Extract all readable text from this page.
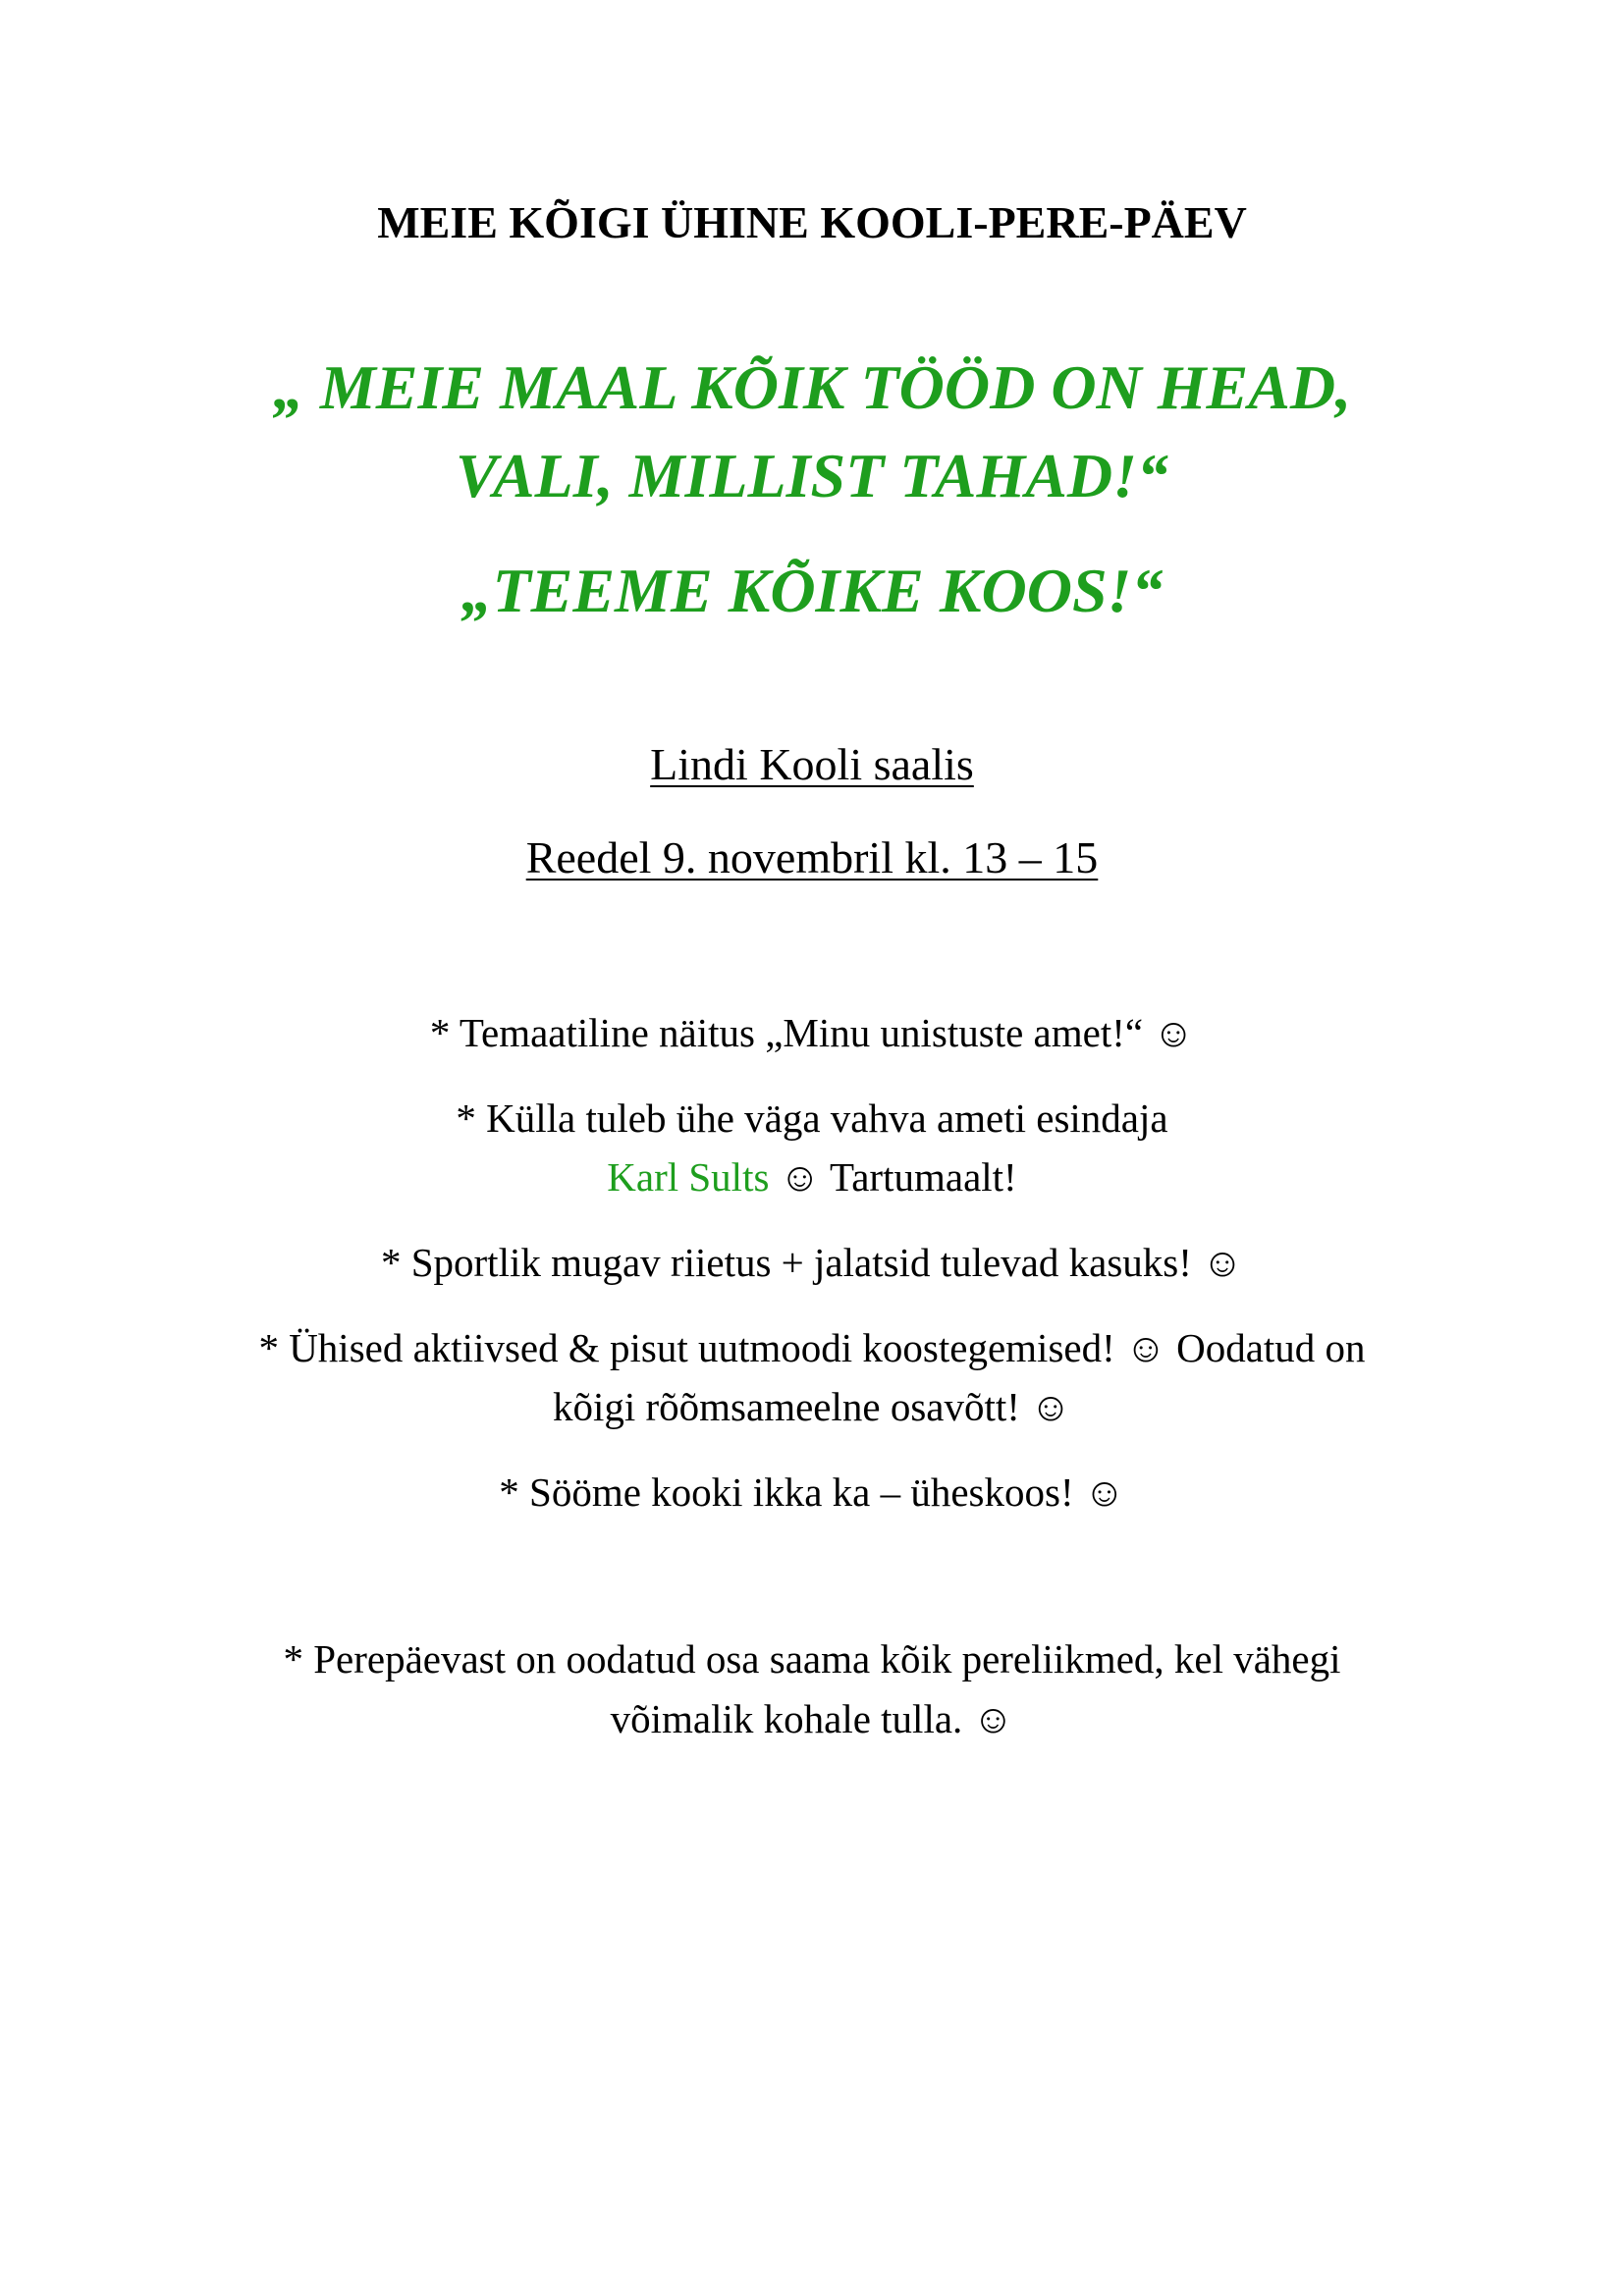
MEIE KÕIGI ÜHINE KOOLI-PERE-PÄEV
„ MEIE MAAL KÕIK TÖÖD ON HEAD,
VALI, MILLIST TAHAD!“
„TEEME KÕIKE KOOS!“
Lindi Kooli saalis
Reedel 9. novembril kl. 13 – 15
* Temaatiline näitus „Minu unistuste amet!“ ☺
* Külla tuleb ühe väga vahva ameti esindaja
Karl Sults ☺ Tartumaalt!
* Sportlik mugav riietus + jalatsid tulevad kasuks! ☺
* Ühised aktiivsed & pisut uutmoodi koostegemised! ☺ Oodatud on
kõigi rõõmsameelne osavõtt! ☺
* Sööme kooki ikka ka – üheskoos! ☺
* Perepäevast on oodatud osa saama kõik pereliikmed, kel vähegi
võimalik kohale tulla. ☺
